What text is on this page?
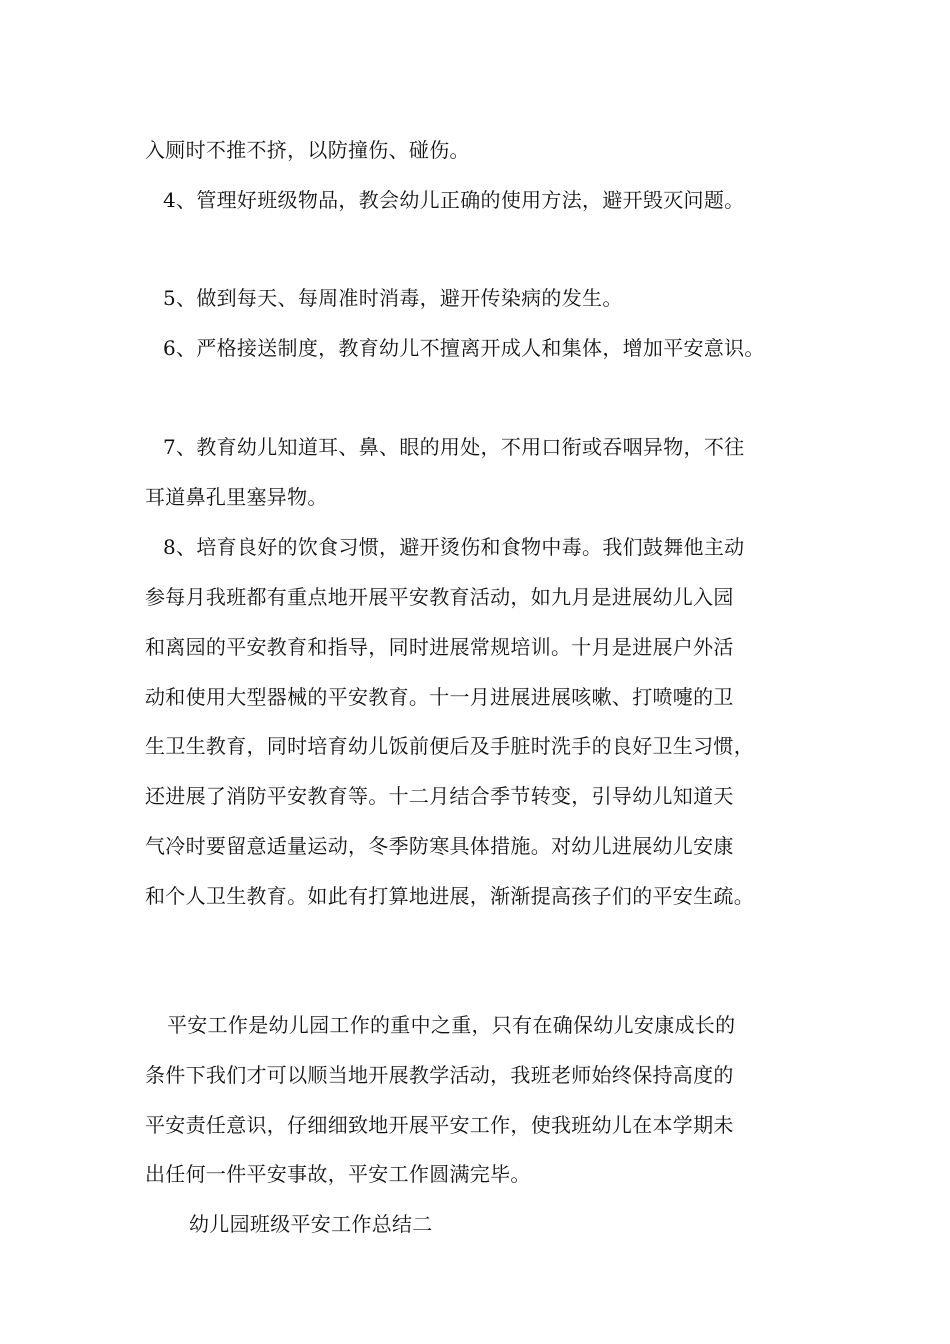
入厕时不推不挤，以防撞伤、碰伤。
4、管理好班级物品，教会幼儿正确的使用方法，避开毁灭问题。
5、做到每天、每周准时消毒，避开传染病的发生。
6、严格接送制度，教育幼儿不擅离开成人和集体，增加平安意识。
7、教育幼儿知道耳、鼻、眼的用处，不用口衔或吞咽异物，不往
耳道鼻孔里塞异物。
8、培育良好的饮食习惯，避开烫伤和食物中毒。我们鼓舞他主动
参每月我班都有重点地开展平安教育活动，如九月是进展幼儿入园
和离园的平安教育和指导，同时进展常规培训。十月是进展户外活
动和使用大型器械的平安教育。十一月进展进展咳嗽、打喷嚏的卫
生卫生教育，同时培育幼儿饭前便后及手脏时洗手的良好卫生习惯，
还进展了消防平安教育等。十二月结合季节转变，引导幼儿知道天
气冷时要留意适量运动，冬季防寒具体措施。对幼儿进展幼儿安康
和个人卫生教育。如此有打算地进展，渐渐提高孩子们的平安生疏。
平安工作是幼儿园工作的重中之重，只有在确保幼儿安康成长的
条件下我们才可以顺当地开展教学活动，我班老师始终保持高度的
平安责任意识，仔细细致地开展平安工作，使我班幼儿在本学期未
出任何一件平安事故，平安工作圆满完毕。
幼儿园班级平安工作总结二
